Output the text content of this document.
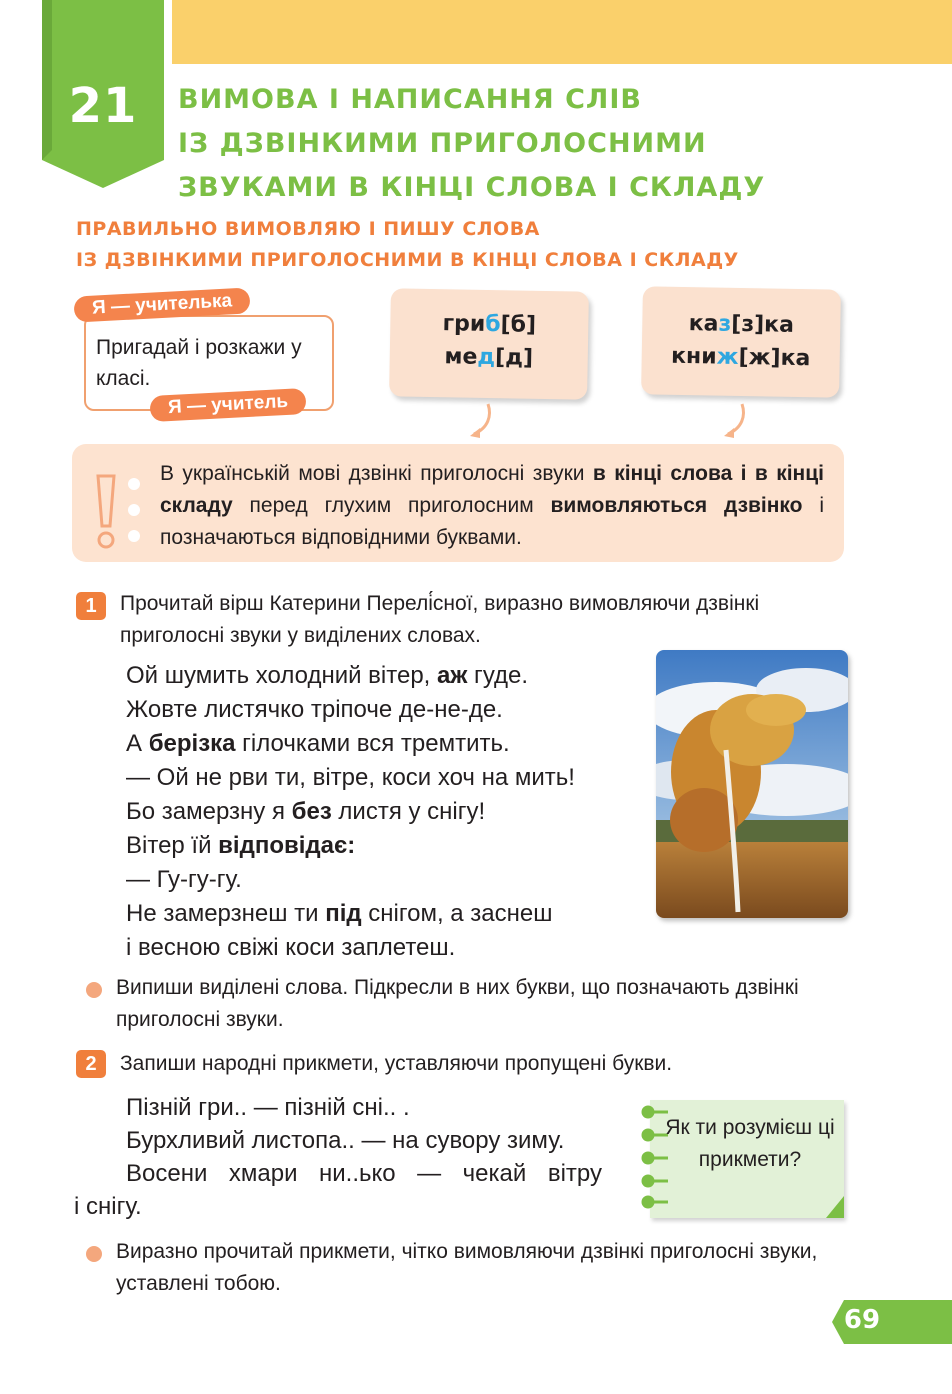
21	ВИМОВА І НАПИСАННЯ СЛІВ
ІЗ ДЗВІНКИМИ ПРИГОЛОСНИМИ
ЗВУКАМИ В КІНЦІ СЛОВА І СКЛАДУ
ПРАВИЛЬНО ВИМОВЛЯЮ І ПИШУ СЛОВА
ІЗ ДЗВІНКИМИ ПРИГОЛОСНИМИ В КІНЦІ СЛОВА І СКЛАДУ
Пригадай і розкажи у класі.
Я — учителька
Я — учитель
гриб[б]
мед[д]
каз[з]ка
книж[ж]ка
В українській мові дзвінкі приголосні звуки в кінці слова і в кінці складу перед глухим приголосним вимовляються дзвінко і позначаються відповідними буквами.
1	Прочитай вірш Катерини Перелі́сної, виразно вимовляючи дзвінкі приголосні звуки у виділених словах.
Ой шумить холодний вітер, аж гуде.
Жовте листячко тріпоче де-не-де.
А берізка гілочками вся тремтить.
— Ой не рви ти, вітре, коси хоч на мить!
Бо замерзну я без листя у снігу!
Вітер їй відповідає:
— Гу-гу-гу.
Не замерзнеш ти під снігом, а заснеш
і весною свіжі коси заплетеш.
Випиши виділені слова. Підкресли в них букви, що позначають дзвінкі приголосні звуки.
2	Запиши народні прикмети, уставляючи пропущені букви.
Пізній гри.. — пізній сні.. .
Бурхливий листопа.. — на сувору зиму.
Восени хмари ни..ько — чекай вітру
і снігу.
Як ти розумієш ці прикмети?
Виразно прочитай прикмети, чітко вимовляючи дзвінкі приголосні звуки, уставлені тобою.
69
